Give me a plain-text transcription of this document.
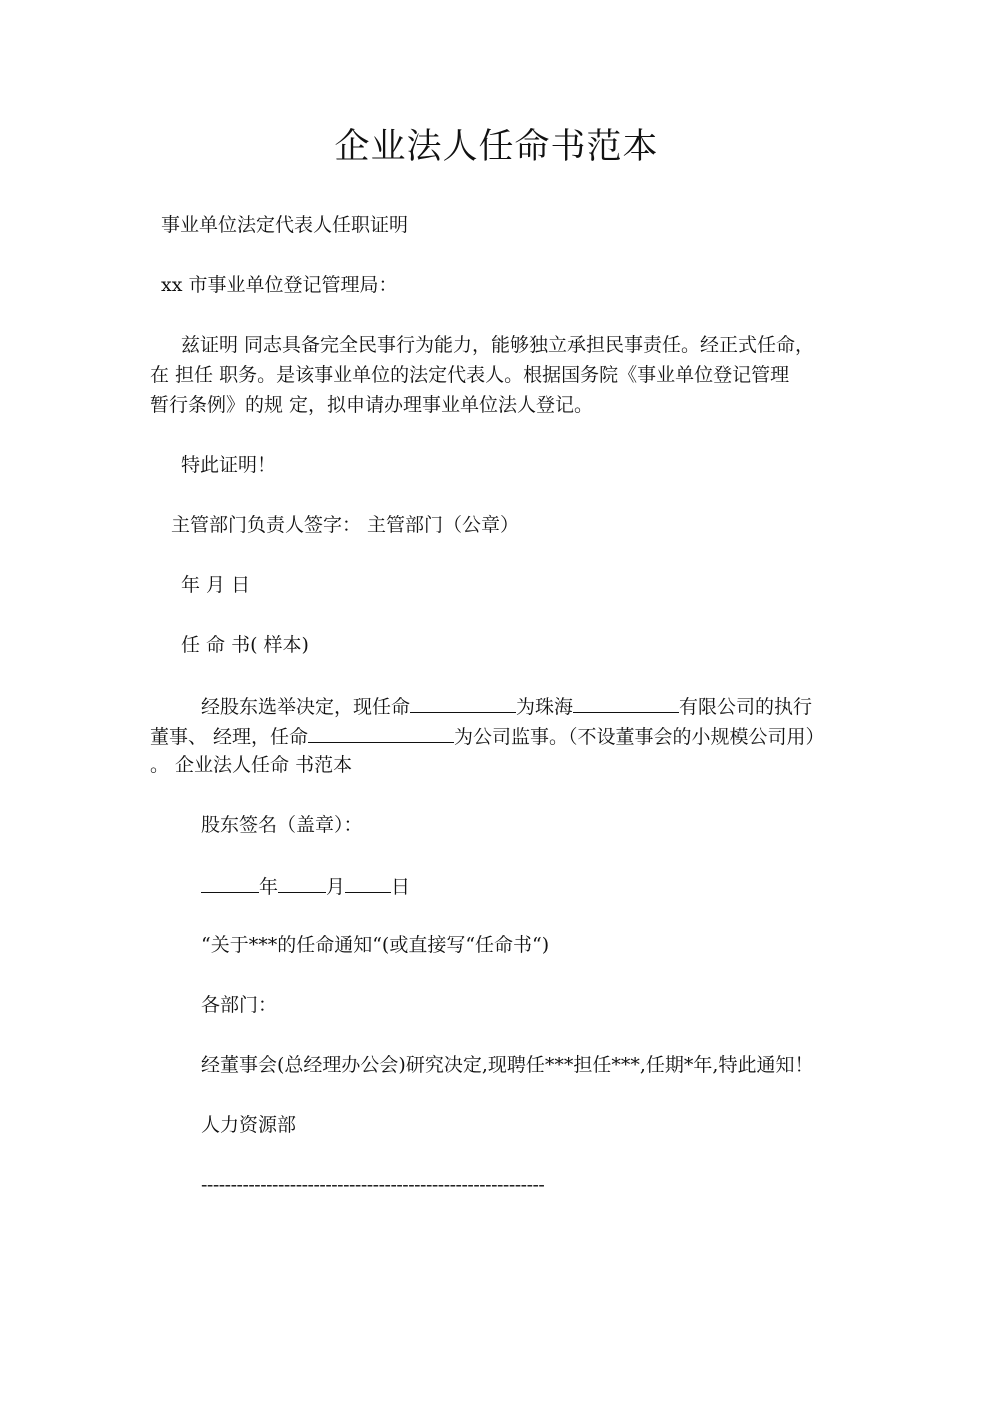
企业法人任命书范本
事业单位法定代表人任职证明
xx 市事业单位登记管理局：
兹证明 同志具备完全民事行为能力，能够独立承担民事责任。经正式任命，
在 担任 职务。是该事业单位的法定代表人。根据国务院《事业单位登记管理
暂行条例》的规 定，拟申请办理事业单位法人登记。
特此证明！
主管部门负责人签字： 主管部门（公章）
年 月 日
任 命 书( 样本)
经股东选举决定，现任命	为珠海	有限公司的执行
董事、 经理，任命	为公司监事。（不设董事会的小规模公司用）
。 企业法人任命 书范本
股东签名（盖章）：
年	月 日
“关于***的任命通知“(或直接写“任命书“)
各部门：
经董事会(总经理办公会)研究决定,现聘任***担任***,任期*年,特此通知！
人力资源部
----------------------------------------------------------
